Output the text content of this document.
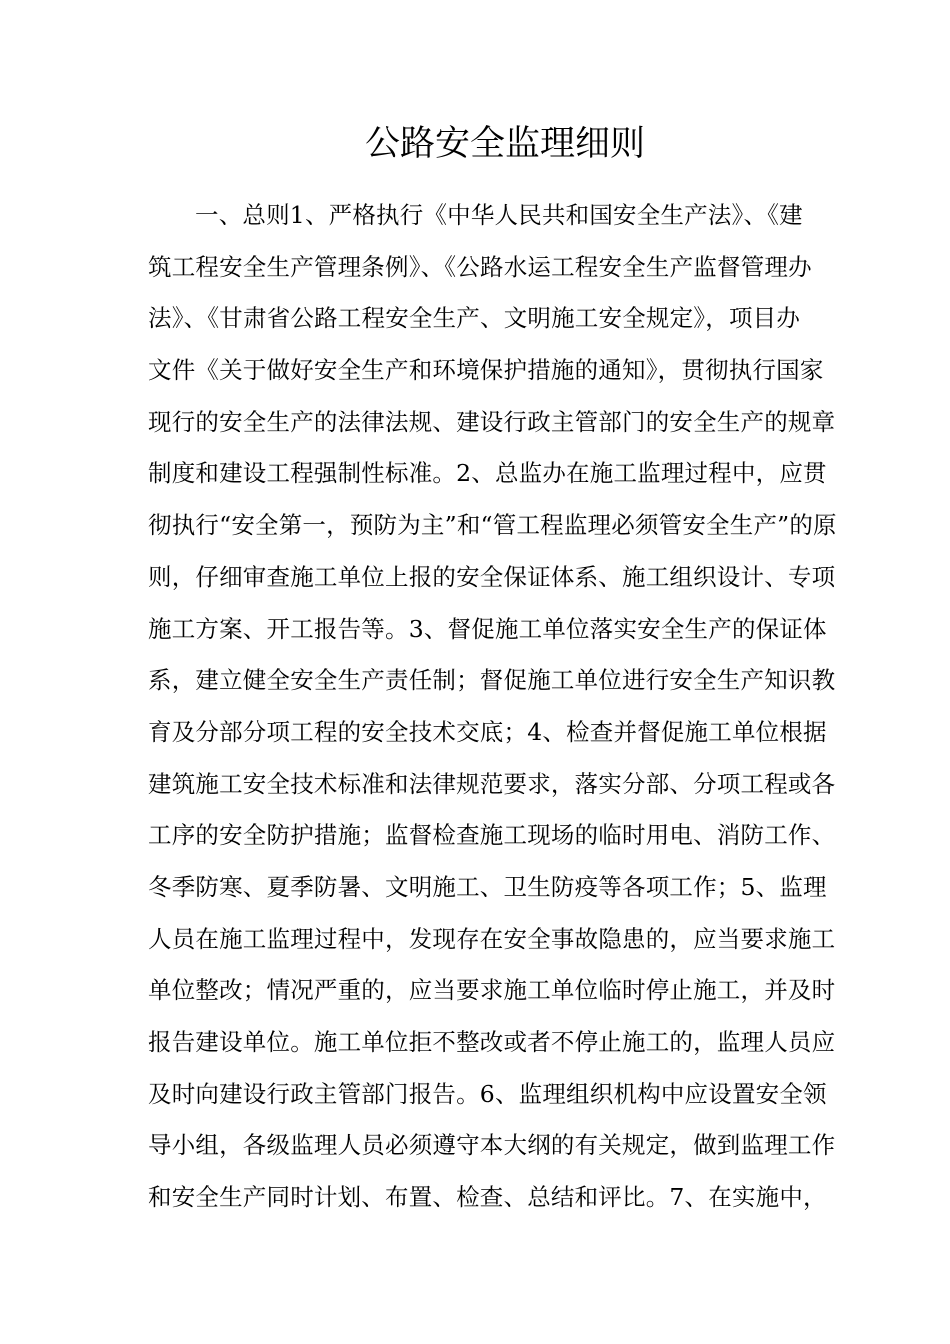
公路安全监理细则
一、总则1、严格执行《中华人民共和国安全生产法》、《建
筑工程安全生产管理条例》、《公路水运工程安全生产监督管理办
法》、《甘肃省公路工程安全生产、文明施工安全规定》，项目办
文件《关于做好安全生产和环境保护措施的通知》，贯彻执行国家
现行的安全生产的法律法规、建设行政主管部门的安全生产的规章
制度和建设工程强制性标准。2、总监办在施工监理过程中，应贯
彻执行“安全第一，预防为主”和“管工程监理必须管安全生产”的原
则，仔细审查施工单位上报的安全保证体系、施工组织设计、专项
施工方案、开工报告等。3、督促施工单位落实安全生产的保证体
系，建立健全安全生产责任制；督促施工单位进行安全生产知识教
育及分部分项工程的安全技术交底；4、检查并督促施工单位根据
建筑施工安全技术标准和法律规范要求，落实分部、分项工程或各
工序的安全防护措施；监督检查施工现场的临时用电、消防工作、
冬季防寒、夏季防暑、文明施工、卫生防疫等各项工作；5、监理
人员在施工监理过程中，发现存在安全事故隐患的，应当要求施工
单位整改；情况严重的，应当要求施工单位临时停止施工，并及时
报告建设单位。施工单位拒不整改或者不停止施工的，监理人员应
及时向建设行政主管部门报告。6、监理组织机构中应设置安全领
导小组，各级监理人员必须遵守本大纲的有关规定，做到监理工作
和安全生产同时计划、布置、检查、总结和评比。7、在实施中，
